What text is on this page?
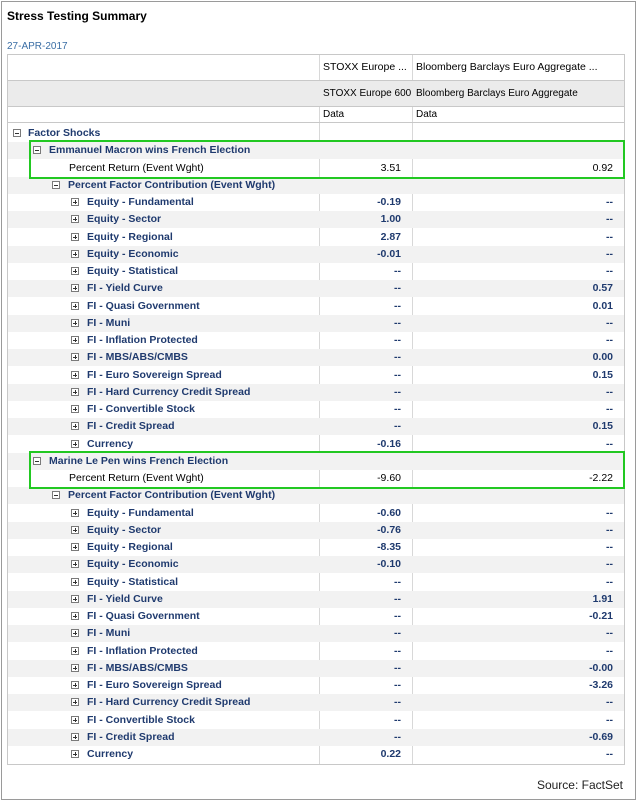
Stress Testing Summary
27-APR-2017
STOXX Europe ... Bloomberg Barclays Euro Aggregate ...
STOXX Europe 600 Bloomberg Barclays Euro Aggregate
Data	Data
Factor Shocks
Emmanuel Macron wins French Election
Percent Return (Event Wght)	3.51	0.92
Percent Factor Contribution (Event Wght)
Equity - Fundamental	-0.19	--
Equity - Sector	1.00	--
Equity - Regional	2.87	--
Equity - Economic	-0.01	--
Equity - Statistical	--	--
FI - Yield Curve	--	0.57
FI - Quasi Government	--	0.01
FI - Muni	--	--
FI - Inflation Protected	--	--
FI - MBS/ABS/CMBS	--	0.00
FI - Euro Sovereign Spread	--	0.15
FI - Hard Currency Credit Spread	--	--
FI - Convertible Stock	--	--
FI - Credit Spread	--	0.15
Currency	-0.16	--
Marine Le Pen wins French Election
Percent Return (Event Wght)	-9.60	-2.22
Percent Factor Contribution (Event Wght)
Equity - Fundamental	-0.60	--
Equity - Sector	-0.76	--
Equity - Regional	-8.35	--
Equity - Economic	-0.10	--
Equity - Statistical	--	--
FI - Yield Curve	--	1.91
FI - Quasi Government	--	-0.21
FI - Muni	--	--
FI - Inflation Protected	--	--
FI - MBS/ABS/CMBS	--	-0.00
FI - Euro Sovereign Spread	--	-3.26
FI - Hard Currency Credit Spread	--	--
FI - Convertible Stock	--	--
FI - Credit Spread	--	-0.69
Currency	0.22	--
Source: FactSet
